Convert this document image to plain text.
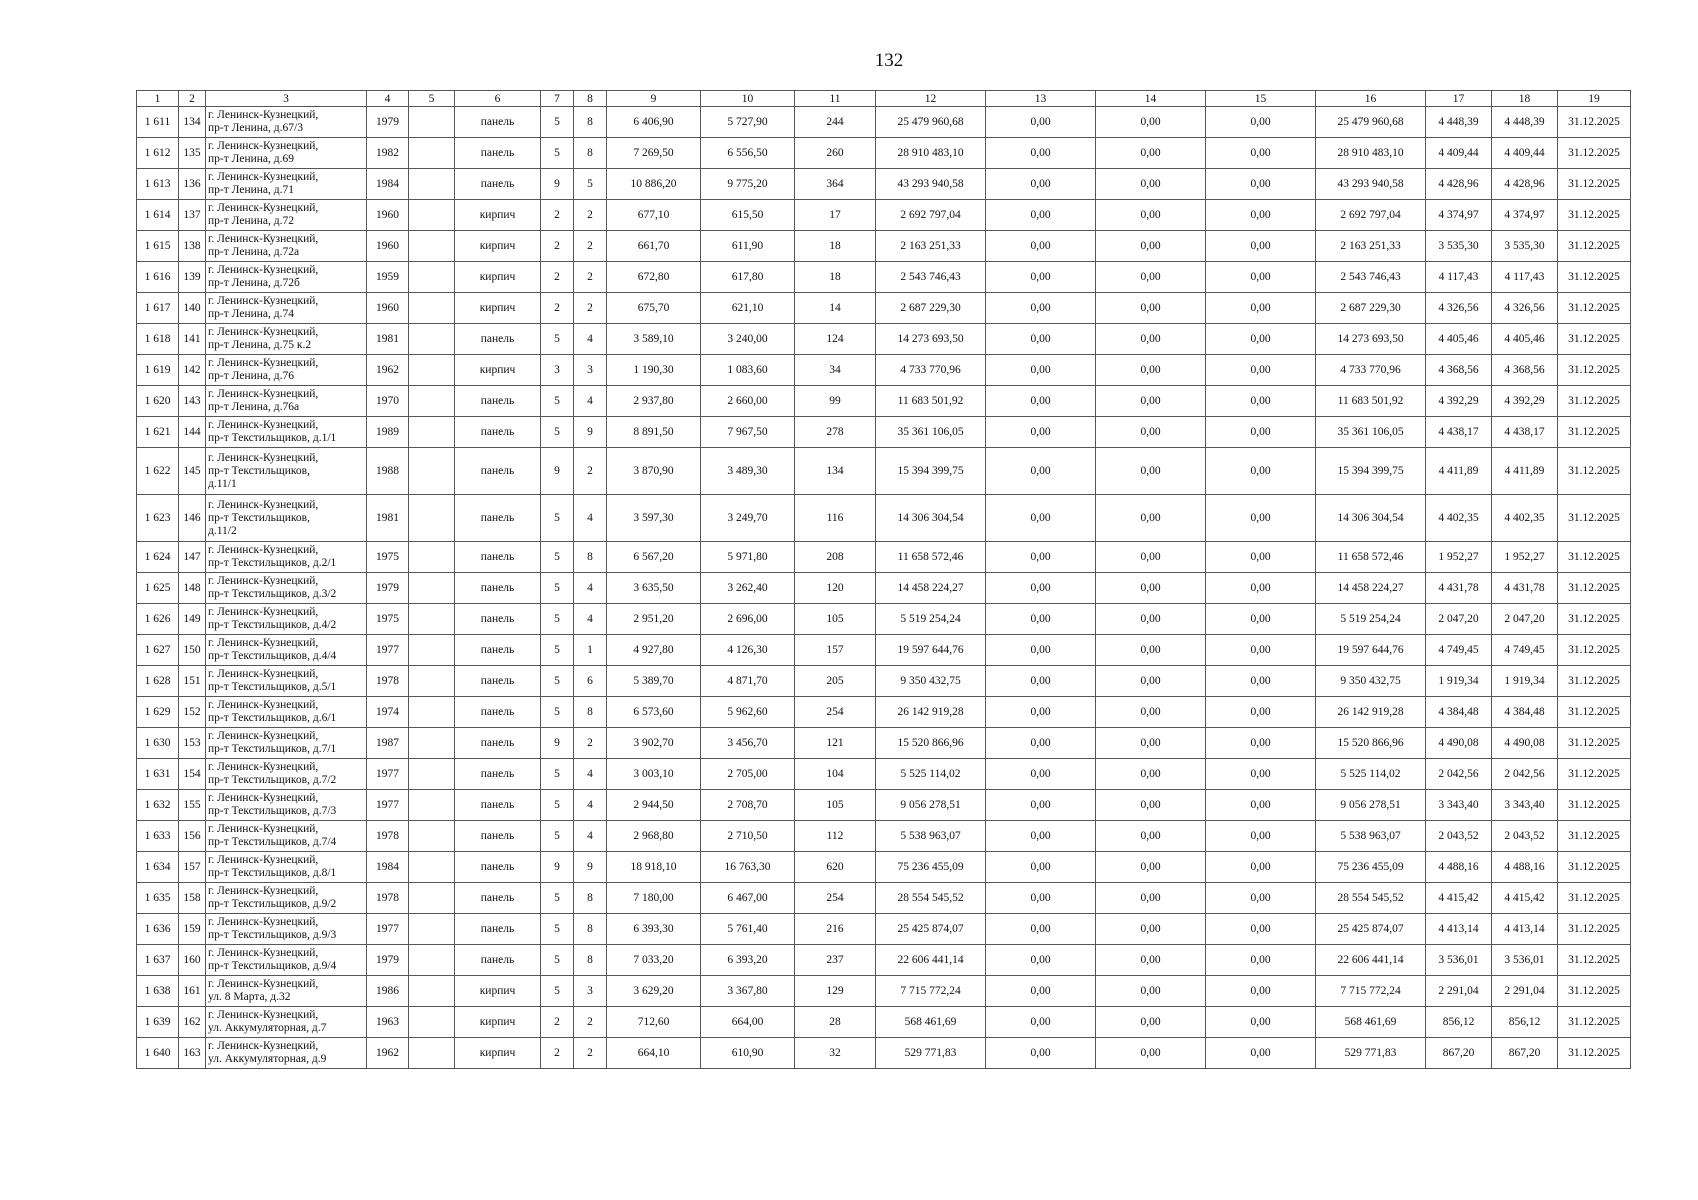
132
1	2	3	4	5	6	7	8	9	10	11	12	13	14	15	16	17	18	19
1 611	134	г. Ленинск-Кузнецкий,
пр-т Ленина, д.67/3	1979		панель	5	8	6 406,90	5 727,90	244	25 479 960,68	0,00	0,00	0,00	25 479 960,68	4 448,39	4 448,39	31.12.2025
1 612	135	г. Ленинск-Кузнецкий,
пр-т Ленина, д.69	1982		панель	5	8	7 269,50	6 556,50	260	28 910 483,10	0,00	0,00	0,00	28 910 483,10	4 409,44	4 409,44	31.12.2025
1 613	136	г. Ленинск-Кузнецкий,
пр-т Ленина, д.71	1984		панель	9	5	10 886,20	9 775,20	364	43 293 940,58	0,00	0,00	0,00	43 293 940,58	4 428,96	4 428,96	31.12.2025
1 614	137	г. Ленинск-Кузнецкий,
пр-т Ленина, д.72	1960		кирпич	2	2	677,10	615,50	17	2 692 797,04	0,00	0,00	0,00	2 692 797,04	4 374,97	4 374,97	31.12.2025
1 615	138	г. Ленинск-Кузнецкий,
пр-т Ленина, д.72а	1960		кирпич	2	2	661,70	611,90	18	2 163 251,33	0,00	0,00	0,00	2 163 251,33	3 535,30	3 535,30	31.12.2025
1 616	139	г. Ленинск-Кузнецкий,
пр-т Ленина, д.72б	1959		кирпич	2	2	672,80	617,80	18	2 543 746,43	0,00	0,00	0,00	2 543 746,43	4 117,43	4 117,43	31.12.2025
1 617	140	г. Ленинск-Кузнецкий,
пр-т Ленина, д.74	1960		кирпич	2	2	675,70	621,10	14	2 687 229,30	0,00	0,00	0,00	2 687 229,30	4 326,56	4 326,56	31.12.2025
1 618	141	г. Ленинск-Кузнецкий,
пр-т Ленина, д.75 к.2	1981		панель	5	4	3 589,10	3 240,00	124	14 273 693,50	0,00	0,00	0,00	14 273 693,50	4 405,46	4 405,46	31.12.2025
1 619	142	г. Ленинск-Кузнецкий,
пр-т Ленина, д.76	1962		кирпич	3	3	1 190,30	1 083,60	34	4 733 770,96	0,00	0,00	0,00	4 733 770,96	4 368,56	4 368,56	31.12.2025
1 620	143	г. Ленинск-Кузнецкий,
пр-т Ленина, д.76а	1970		панель	5	4	2 937,80	2 660,00	99	11 683 501,92	0,00	0,00	0,00	11 683 501,92	4 392,29	4 392,29	31.12.2025
1 621	144	г. Ленинск-Кузнецкий,
пр-т Текстильщиков, д.1/1	1989		панель	5	9	8 891,50	7 967,50	278	35 361 106,05	0,00	0,00	0,00	35 361 106,05	4 438,17	4 438,17	31.12.2025
1 622	145	г. Ленинск-Кузнецкий,
пр-т Текстильщиков,
д.11/1	1988		панель	9	2	3 870,90	3 489,30	134	15 394 399,75	0,00	0,00	0,00	15 394 399,75	4 411,89	4 411,89	31.12.2025
1 623	146	г. Ленинск-Кузнецкий,
пр-т Текстильщиков,
д.11/2	1981		панель	5	4	3 597,30	3 249,70	116	14 306 304,54	0,00	0,00	0,00	14 306 304,54	4 402,35	4 402,35	31.12.2025
1 624	147	г. Ленинск-Кузнецкий,
пр-т Текстильщиков, д.2/1	1975		панель	5	8	6 567,20	5 971,80	208	11 658 572,46	0,00	0,00	0,00	11 658 572,46	1 952,27	1 952,27	31.12.2025
1 625	148	г. Ленинск-Кузнецкий,
пр-т Текстильщиков, д.3/2	1979		панель	5	4	3 635,50	3 262,40	120	14 458 224,27	0,00	0,00	0,00	14 458 224,27	4 431,78	4 431,78	31.12.2025
1 626	149	г. Ленинск-Кузнецкий,
пр-т Текстильщиков, д.4/2	1975		панель	5	4	2 951,20	2 696,00	105	5 519 254,24	0,00	0,00	0,00	5 519 254,24	2 047,20	2 047,20	31.12.2025
1 627	150	г. Ленинск-Кузнецкий,
пр-т Текстильщиков, д.4/4	1977		панель	5	1	4 927,80	4 126,30	157	19 597 644,76	0,00	0,00	0,00	19 597 644,76	4 749,45	4 749,45	31.12.2025
1 628	151	г. Ленинск-Кузнецкий,
пр-т Текстильщиков, д.5/1	1978		панель	5	6	5 389,70	4 871,70	205	9 350 432,75	0,00	0,00	0,00	9 350 432,75	1 919,34	1 919,34	31.12.2025
1 629	152	г. Ленинск-Кузнецкий,
пр-т Текстильщиков, д.6/1	1974		панель	5	8	6 573,60	5 962,60	254	26 142 919,28	0,00	0,00	0,00	26 142 919,28	4 384,48	4 384,48	31.12.2025
1 630	153	г. Ленинск-Кузнецкий,
пр-т Текстильщиков, д.7/1	1987		панель	9	2	3 902,70	3 456,70	121	15 520 866,96	0,00	0,00	0,00	15 520 866,96	4 490,08	4 490,08	31.12.2025
1 631	154	г. Ленинск-Кузнецкий,
пр-т Текстильщиков, д.7/2	1977		панель	5	4	3 003,10	2 705,00	104	5 525 114,02	0,00	0,00	0,00	5 525 114,02	2 042,56	2 042,56	31.12.2025
1 632	155	г. Ленинск-Кузнецкий,
пр-т Текстильщиков, д.7/3	1977		панель	5	4	2 944,50	2 708,70	105	9 056 278,51	0,00	0,00	0,00	9 056 278,51	3 343,40	3 343,40	31.12.2025
1 633	156	г. Ленинск-Кузнецкий,
пр-т Текстильщиков, д.7/4	1978		панель	5	4	2 968,80	2 710,50	112	5 538 963,07	0,00	0,00	0,00	5 538 963,07	2 043,52	2 043,52	31.12.2025
1 634	157	г. Ленинск-Кузнецкий,
пр-т Текстильщиков, д.8/1	1984		панель	9	9	18 918,10	16 763,30	620	75 236 455,09	0,00	0,00	0,00	75 236 455,09	4 488,16	4 488,16	31.12.2025
1 635	158	г. Ленинск-Кузнецкий,
пр-т Текстильщиков, д.9/2	1978		панель	5	8	7 180,00	6 467,00	254	28 554 545,52	0,00	0,00	0,00	28 554 545,52	4 415,42	4 415,42	31.12.2025
1 636	159	г. Ленинск-Кузнецкий,
пр-т Текстильщиков, д.9/3	1977		панель	5	8	6 393,30	5 761,40	216	25 425 874,07	0,00	0,00	0,00	25 425 874,07	4 413,14	4 413,14	31.12.2025
1 637	160	г. Ленинск-Кузнецкий,
пр-т Текстильщиков, д.9/4	1979		панель	5	8	7 033,20	6 393,20	237	22 606 441,14	0,00	0,00	0,00	22 606 441,14	3 536,01	3 536,01	31.12.2025
1 638	161	г. Ленинск-Кузнецкий,
ул. 8 Марта, д.32	1986		кирпич	5	3	3 629,20	3 367,80	129	7 715 772,24	0,00	0,00	0,00	7 715 772,24	2 291,04	2 291,04	31.12.2025
1 639	162	г. Ленинск-Кузнецкий,
ул. Аккумуляторная, д.7	1963		кирпич	2	2	712,60	664,00	28	568 461,69	0,00	0,00	0,00	568 461,69	856,12	856,12	31.12.2025
1 640	163	г. Ленинск-Кузнецкий,
ул. Аккумуляторная, д.9	1962		кирпич	2	2	664,10	610,90	32	529 771,83	0,00	0,00	0,00	529 771,83	867,20	867,20	31.12.2025
